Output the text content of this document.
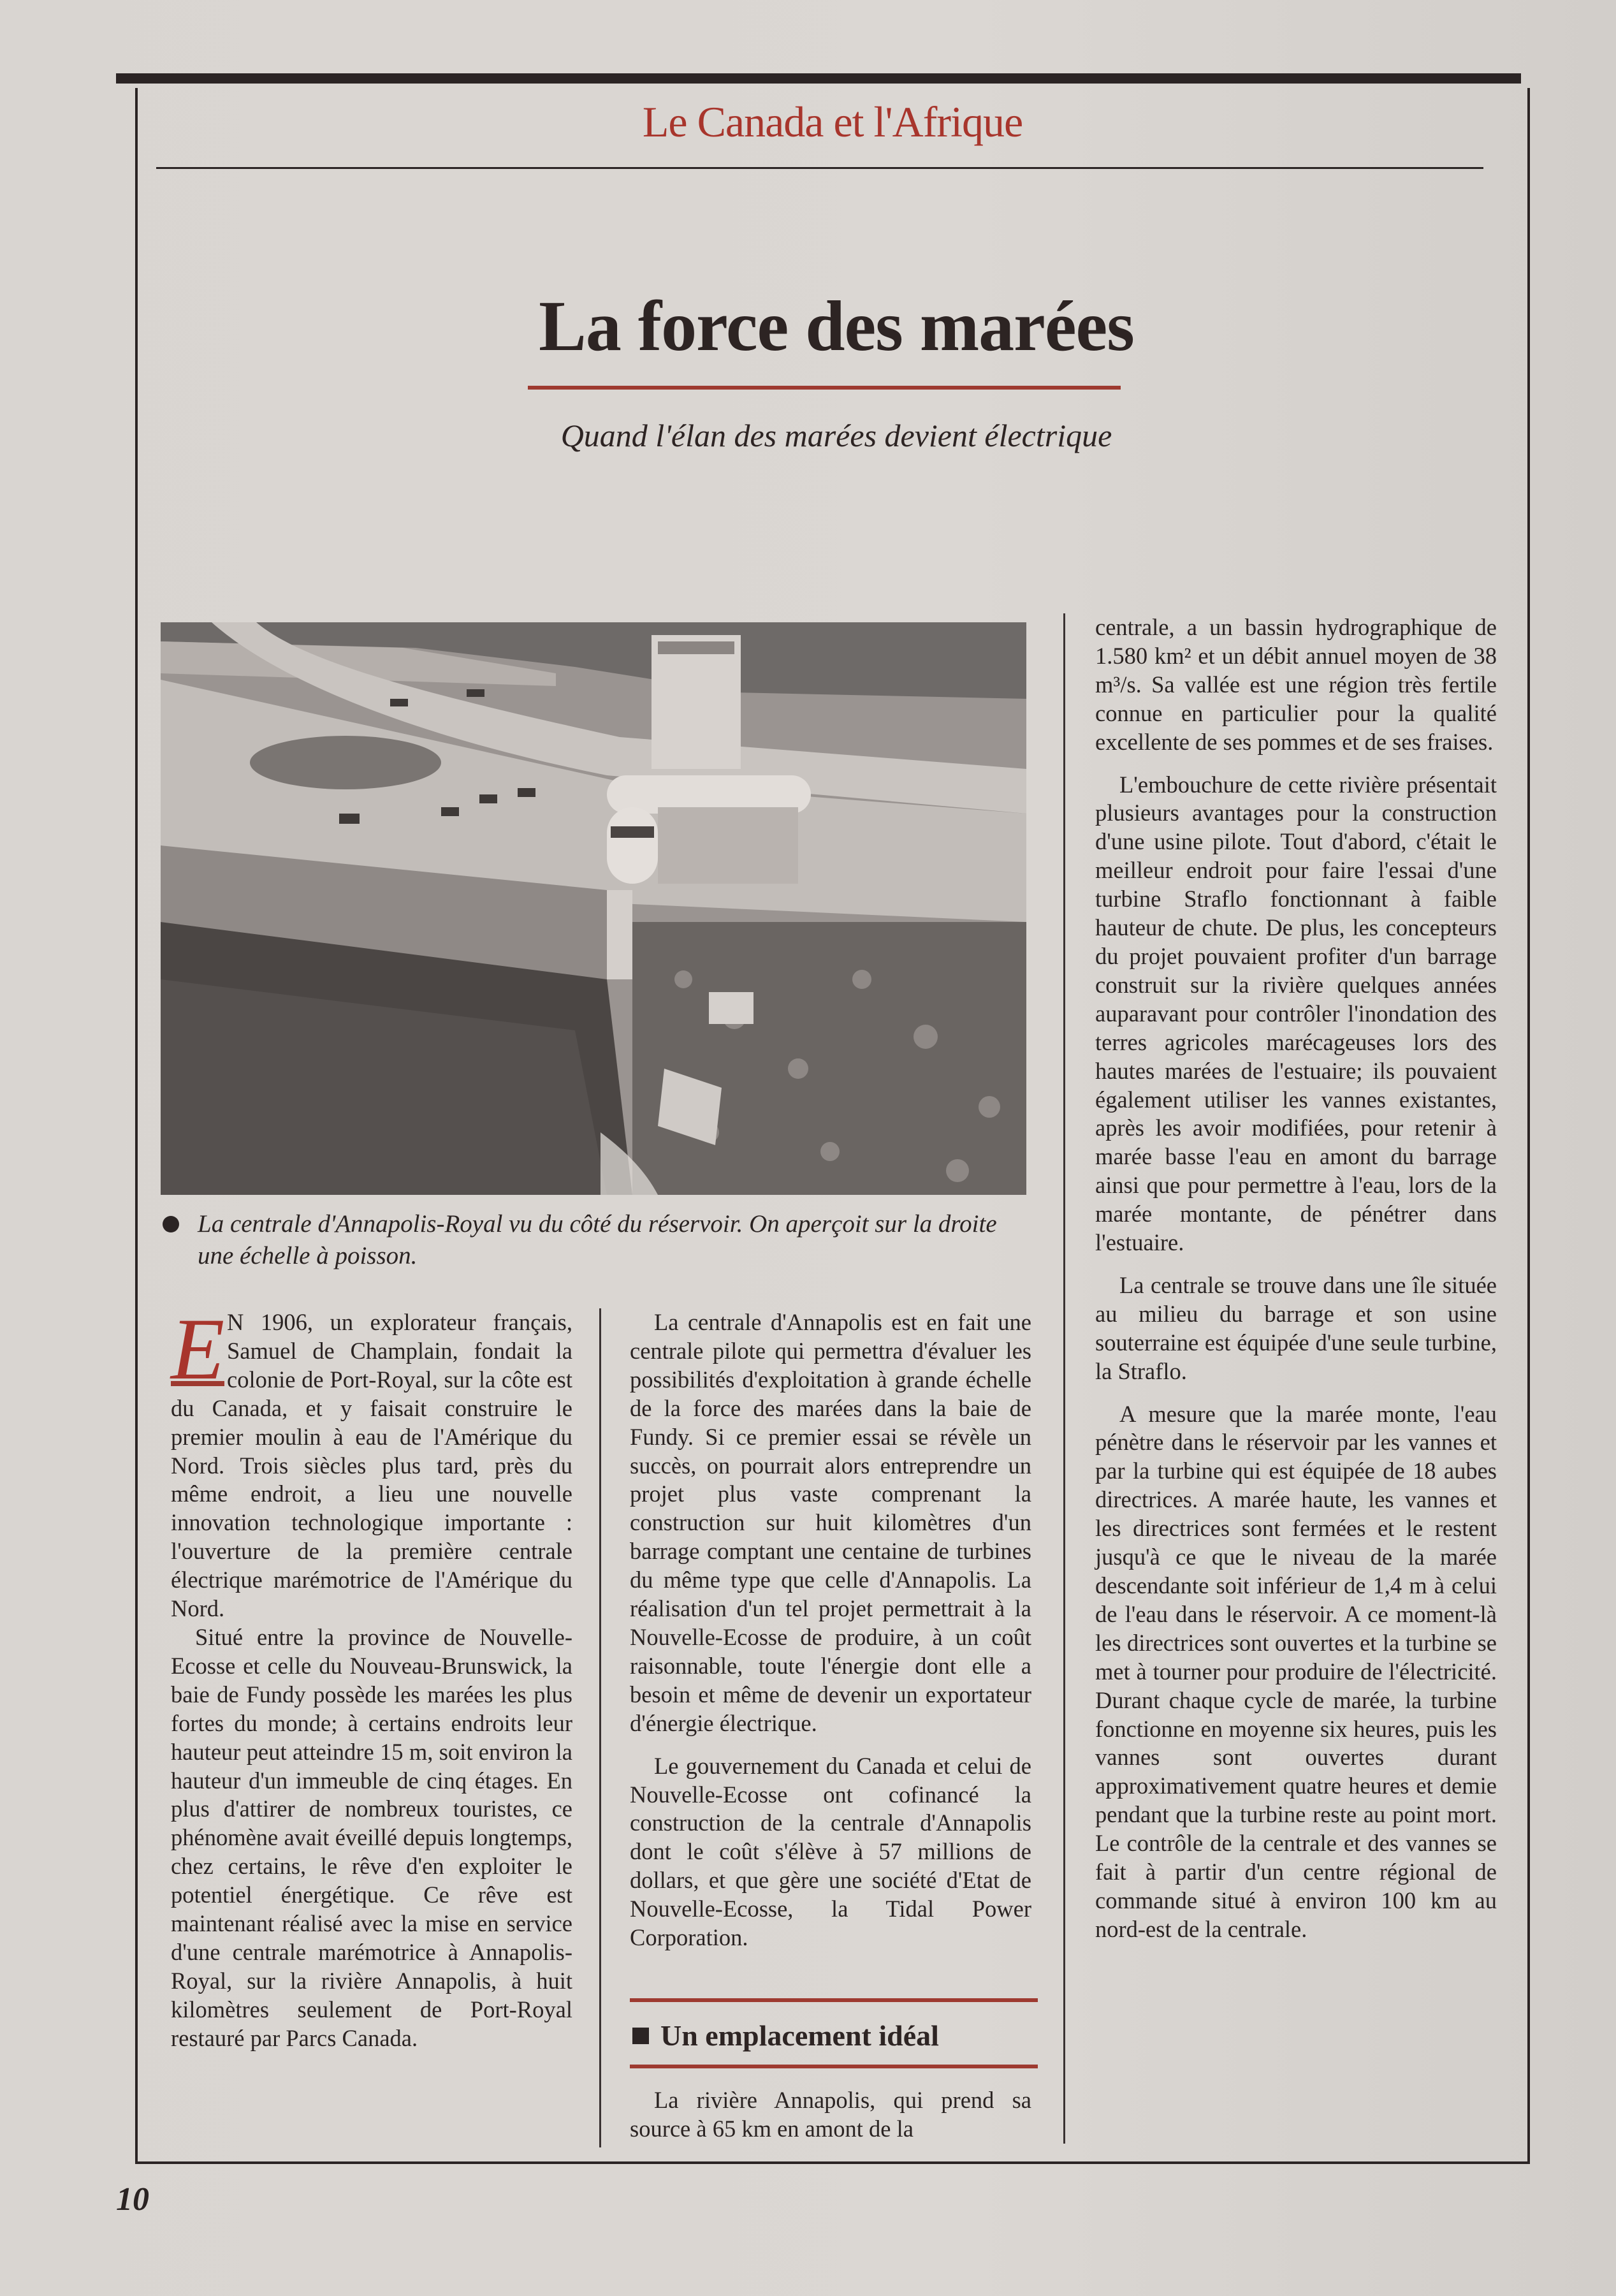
Le Canada et l'Afrique
La force des marées
Quand l'élan des marées devient électrique
La centrale d'Annapolis-Royal vu du côté du réservoir. On aperçoit sur la droite une échelle à poisson.

E N 1906, un explorateur français, Samuel de Champlain, fondait la colonie de Port-Royal, sur la côte est du Canada, et y faisait construire le premier moulin à eau de l'Amérique du Nord. Trois siècles plus tard, près du même endroit, a lieu une nouvelle innovation technologique importante : l'ouverture de la première centrale électrique marémotrice de l'Amérique du Nord.

Situé entre la province de Nouvelle-Ecosse et celle du Nouveau-Brunswick, la baie de Fundy possède les marées les plus fortes du monde; à certains endroits leur hauteur peut atteindre 15 m, soit environ la hauteur d'un immeuble de cinq étages. En plus d'attirer de nombreux touristes, ce phénomène avait éveillé depuis longtemps, chez certains, le rêve d'en exploiter le potentiel énergétique. Ce rêve est maintenant réalisé avec la mise en service d'une centrale marémotrice à Annapolis-Royal, sur la rivière Annapolis, à huit kilomètres seulement de Port-Royal restauré par Parcs Canada.

La centrale d'Annapolis est en fait une centrale pilote qui permettra d'évaluer les possibilités d'exploitation à grande échelle de la force des marées dans la baie de Fundy. Si ce premier essai se révèle un succès, on pourrait alors entreprendre un projet plus vaste comprenant la construction sur huit kilomètres d'un barrage comptant une centaine de turbines du même type que celle d'Annapolis. La réalisation d'un tel projet permettrait à la Nouvelle-Ecosse de produire, à un coût raisonnable, toute l'énergie dont elle a besoin et même de devenir un exportateur d'énergie électrique.

Le gouvernement du Canada et celui de Nouvelle-Ecosse ont cofinancé la construction de la centrale d'Annapolis dont le coût s'élève à 57 millions de dollars, et que gère une société d'Etat de Nouvelle-Ecosse, la Tidal Power Corporation.

Un emplacement idéal

La rivière Annapolis, qui prend sa source à 65 km en amont de la

centrale, a un bassin hydrographique de 1.580 km² et un débit annuel moyen de 38 m³/s. Sa vallée est une région très fertile connue en particulier pour la qualité excellente de ses pommes et de ses fraises.

L'embouchure de cette rivière présentait plusieurs avantages pour la construction d'une usine pilote. Tout d'abord, c'était le meilleur endroit pour faire l'essai d'une turbine Straflo fonctionnant à faible hauteur de chute. De plus, les concepteurs du projet pouvaient profiter d'un barrage construit sur la rivière quelques années auparavant pour contrôler l'inondation des terres agricoles marécageuses lors des hautes marées de l'estuaire; ils pouvaient également utiliser les vannes existantes, après les avoir modifiées, pour retenir à marée basse l'eau en amont du barrage ainsi que pour permettre à l'eau, lors de la marée montante, de pénétrer dans l'estuaire.

La centrale se trouve dans une île située au milieu du barrage et son usine souterraine est équipée d'une seule turbine, la Straflo.

A mesure que la marée monte, l'eau pénètre dans le réservoir par les vannes et par la turbine qui est équipée de 18 aubes directrices. A marée haute, les vannes et les directrices sont fermées et le restent jusqu'à ce que le niveau de la marée descendante soit inférieur de 1,4 m à celui de l'eau dans le réservoir. A ce moment-là les directrices sont ouvertes et la turbine se met à tourner pour produire de l'électricité. Durant chaque cycle de marée, la turbine fonctionne en moyenne six heures, puis les vannes sont ouvertes durant approximativement quatre heures et demie pendant que la turbine reste au point mort. Le contrôle de la centrale et des vannes se fait à partir d'un centre régional de commande situé à environ 100 km au nord-est de la centrale.

10
